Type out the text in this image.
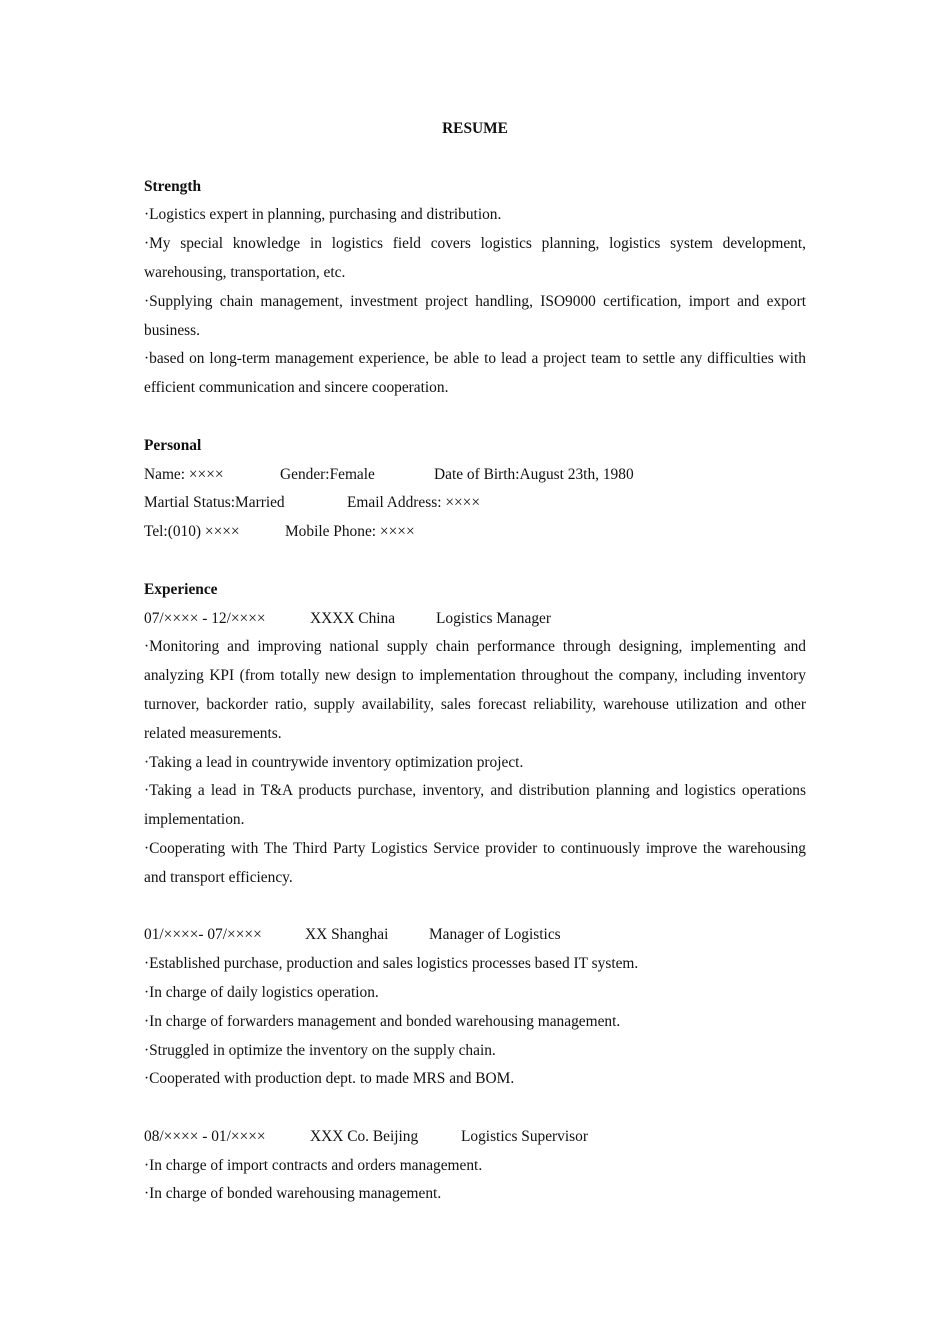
RESUME
Strength
·Logistics expert in planning, purchasing and distribution.
·My special knowledge in logistics field covers logistics planning, logistics system development, warehousing, transportation, etc.
·Supplying chain management, investment project handling, ISO9000 certification, import and export business.
·based on long-term management experience, be able to lead a project team to settle any difficulties with efficient communication and sincere cooperation.
Personal
Name: ××××	Gender:Female	Date of Birth:August 23th, 1980
Martial Status:Married	Email Address: ××××
Tel:(010) ××××	Mobile Phone: ××××
Experience
07/×××× - 12/××××	XXXX China	Logistics Manager
·Monitoring and improving national supply chain performance through designing, implementing and analyzing KPI (from totally new design to implementation throughout the company, including inventory turnover, backorder ratio, supply availability, sales forecast reliability, warehouse utilization and other related measurements.
·Taking a lead in countrywide inventory optimization project.
·Taking a lead in T&A products purchase, inventory, and distribution planning and logistics operations implementation.
·Cooperating with The Third Party Logistics Service provider to continuously improve the warehousing and transport efficiency.
01/××××- 07/××××	XX Shanghai	Manager of Logistics
·Established purchase, production and sales logistics processes based IT system.
·In charge of daily logistics operation.
·In charge of forwarders management and bonded warehousing management.
·Struggled in optimize the inventory on the supply chain.
·Cooperated with production dept. to made MRS and BOM.
08/×××× - 01/××××	XXX Co. Beijing	Logistics Supervisor
·In charge of import contracts and orders management.
·In charge of bonded warehousing management.
